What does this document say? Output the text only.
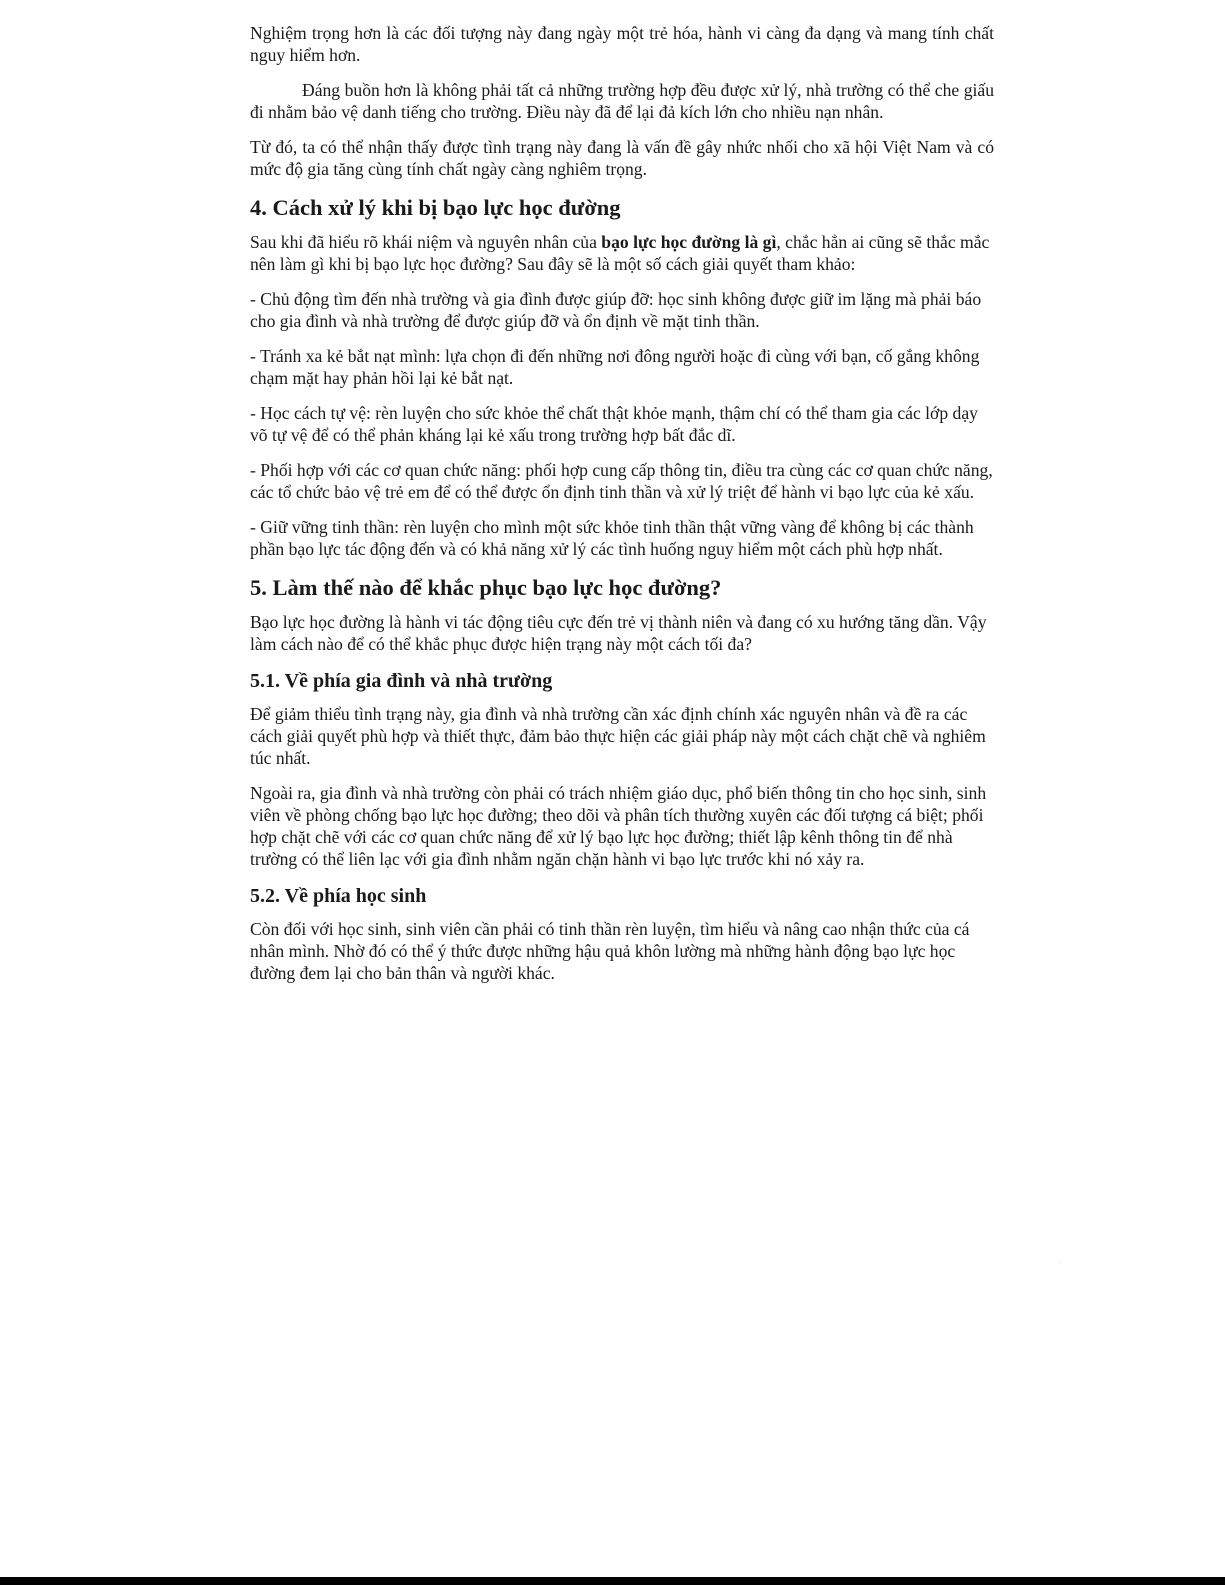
Nghiệm trọng hơn là các đối tượng này đang ngày một trẻ hóa, hành vi càng đa dạng và mang tính chất nguy hiểm hơn.

Đáng buồn hơn là không phải tất cả những trường hợp đều được xử lý, nhà trường có thể che giấu đi nhằm bảo vệ danh tiếng cho trường. Điều này đã để lại đả kích lớn cho nhiều nạn nhân.

Từ đó, ta có thể nhận thấy được tình trạng này đang là vấn đề gây nhức nhối cho xã hội Việt Nam và có mức độ gia tăng cùng tính chất ngày càng nghiêm trọng.

4. Cách xử lý khi bị bạo lực học đường

Sau khi đã hiểu rõ khái niệm và nguyên nhân của bạo lực học đường là gì, chắc hẳn ai cũng sẽ thắc mắc nên làm gì khi bị bạo lực học đường? Sau đây sẽ là một số cách giải quyết tham khảo:

- Chủ động tìm đến nhà trường và gia đình được giúp đỡ: học sinh không được giữ im lặng mà phải báo cho gia đình và nhà trường để được giúp đỡ và ổn định về mặt tinh thần.

- Tránh xa kẻ bắt nạt mình: lựa chọn đi đến những nơi đông người hoặc đi cùng với bạn, cố gắng không chạm mặt hay phản hồi lại kẻ bắt nạt.

- Học cách tự vệ: rèn luyện cho sức khỏe thể chất thật khỏe mạnh, thậm chí có thể tham gia các lớp dạy võ tự vệ để có thể phản kháng lại kẻ xấu trong trường hợp bất đắc dĩ.

- Phối hợp với các cơ quan chức năng: phối hợp cung cấp thông tin, điều tra cùng các cơ quan chức năng, các tổ chức bảo vệ trẻ em để có thể được ổn định tinh thần và xử lý triệt để hành vi bạo lực của kẻ xấu.

- Giữ vững tinh thần: rèn luyện cho mình một sức khỏe tinh thần thật vững vàng để không bị các thành phần bạo lực tác động đến và có khả năng xử lý các tình huống nguy hiểm một cách phù hợp nhất.

5. Làm thế nào để khắc phục bạo lực học đường?

Bạo lực học đường là hành vi tác động tiêu cực đến trẻ vị thành niên và đang có xu hướng tăng dần. Vậy làm cách nào để có thể khắc phục được hiện trạng này một cách tối đa?

5.1. Về phía gia đình và nhà trường

Để giảm thiểu tình trạng này, gia đình và nhà trường cần xác định chính xác nguyên nhân và đề ra các cách giải quyết phù hợp và thiết thực, đảm bảo thực hiện các giải pháp này một cách chặt chẽ và nghiêm túc nhất.

Ngoài ra, gia đình và nhà trường còn phải có trách nhiệm giáo dục, phổ biến thông tin cho học sinh, sinh viên về phòng chống bạo lực học đường; theo dõi và phân tích thường xuyên các đối tượng cá biệt; phối hợp chặt chẽ với các cơ quan chức năng để xử lý bạo lực học đường; thiết lập kênh thông tin để nhà trường có thể liên lạc với gia đình nhằm ngăn chặn hành vi bạo lực trước khi nó xảy ra.

5.2. Về phía học sinh

Còn đối với học sinh, sinh viên cần phải có tinh thần rèn luyện, tìm hiểu và nâng cao nhận thức của cá nhân mình. Nhờ đó có thể ý thức được những hậu quả khôn lường mà những hành động bạo lực học đường đem lại cho bản thân và người khác.
